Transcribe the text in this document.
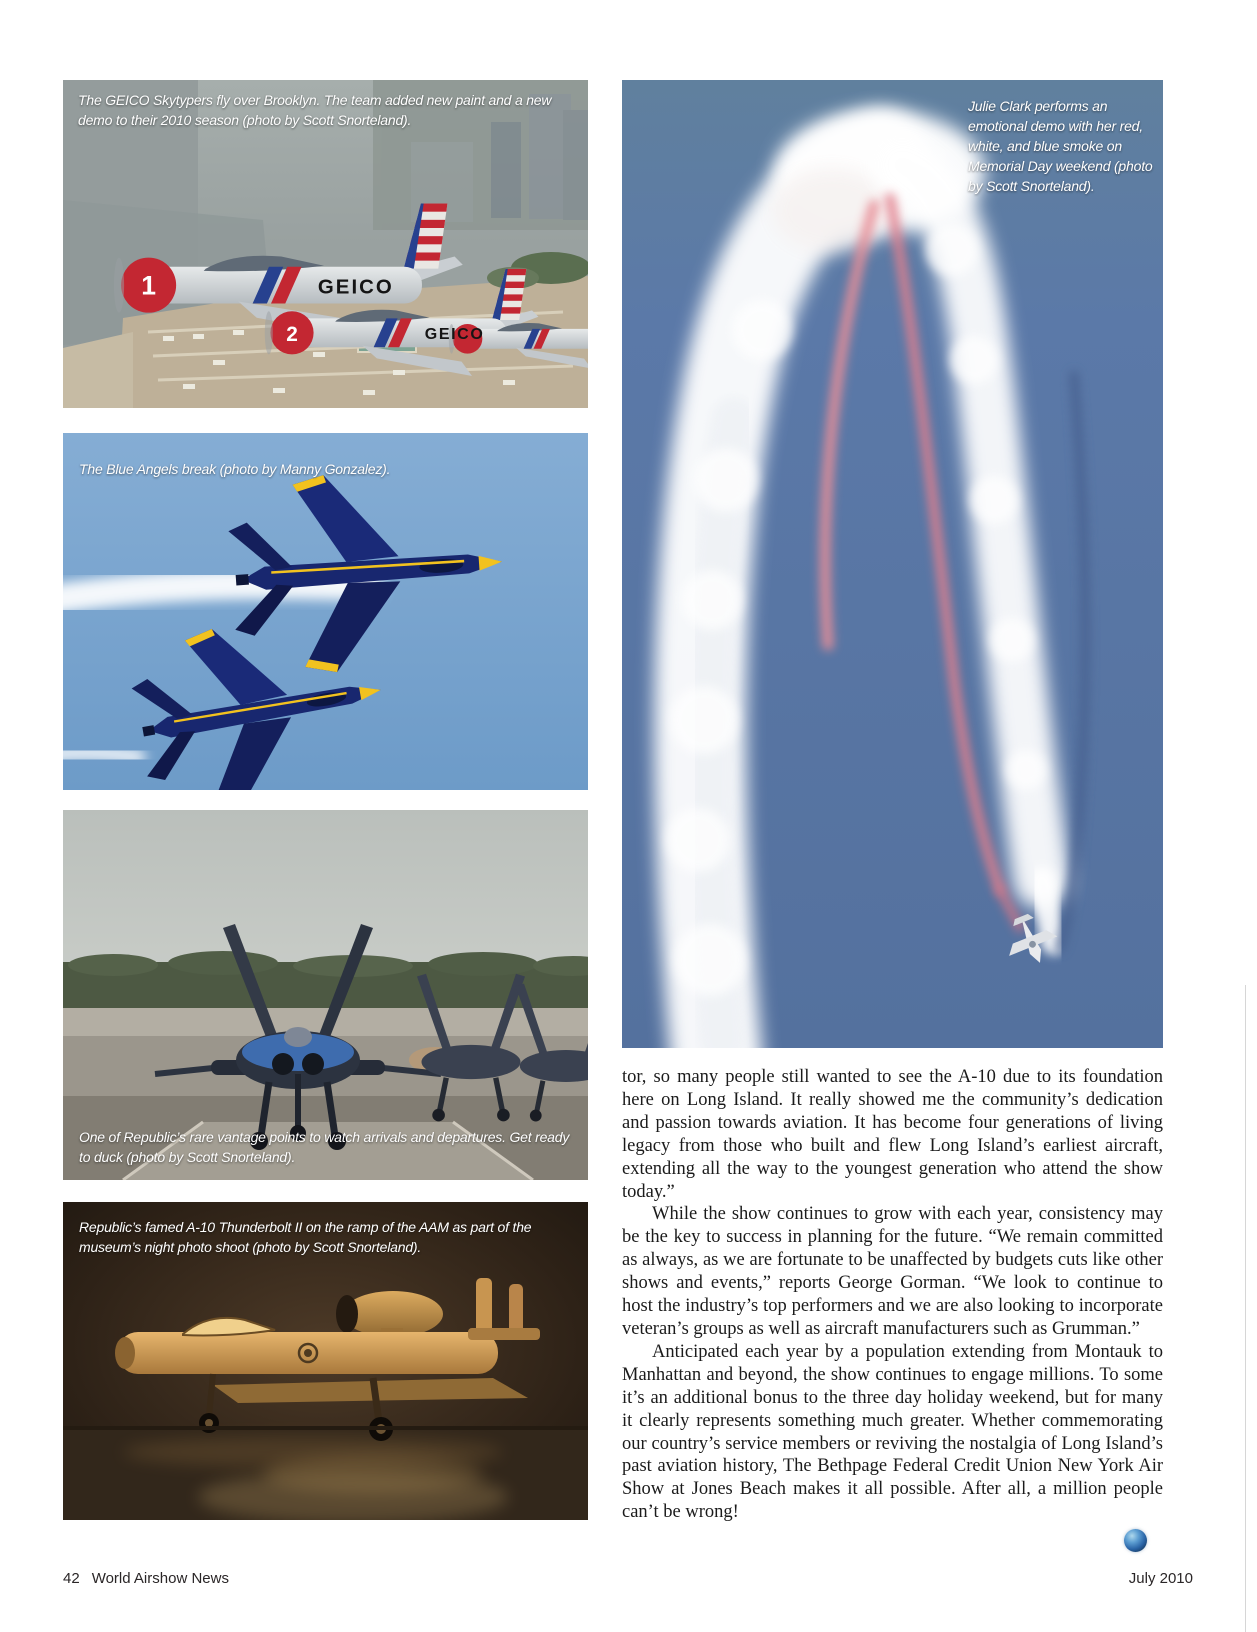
GEICO
GEICO
1
2
The GEICO Skytypers fly over Brooklyn. The team added new paint and a new demo to their 2010 season (photo by Scott Snorteland).
The Blue Angels break (photo by Manny Gonzalez).
One of Republic’s rare vantage points to watch arrivals and departures. Get ready to duck (photo by Scott Snorteland).
Republic’s famed A-10 Thunderbolt II on the ramp of the AAM as part of the museum’s night photo shoot (photo by Scott Snorteland).
Julie Clark performs an emotional demo with her red, white, and blue smoke on Memorial Day weekend (photo by Scott Snorteland).

tor, so many people still wanted to see the A-10 due to its foundation here on Long Island. It really showed me the community’s dedication and passion towards aviation. It has become four generations of living legacy from those who built and flew Long Island’s earliest aircraft, extending all the way to the youngest generation who attend the show today.”

While the show continues to grow with each year, consistency may be the key to success in planning for the future. “We remain committed as always, as we are fortunate to be unaffected by budgets cuts like other shows and events,” reports George Gorman. “We look to continue to host the industry’s top performers and we are also looking to incorporate veteran’s groups as well as aircraft manufacturers such as Grumman.”

Anticipated each year by a population extending from Montauk to Manhattan and beyond, the show continues to engage millions. To some it’s an additional bonus to the three day holiday weekend, but for many it clearly represents something much greater. Whether commemorating our country’s service members or reviving the nostalgia of Long Island’s past aviation history, The Bethpage Federal Credit Union New York Air Show at Jones Beach makes it all possible. After all, a million people can’t be wrong!

42 World Airshow News	July 2010
